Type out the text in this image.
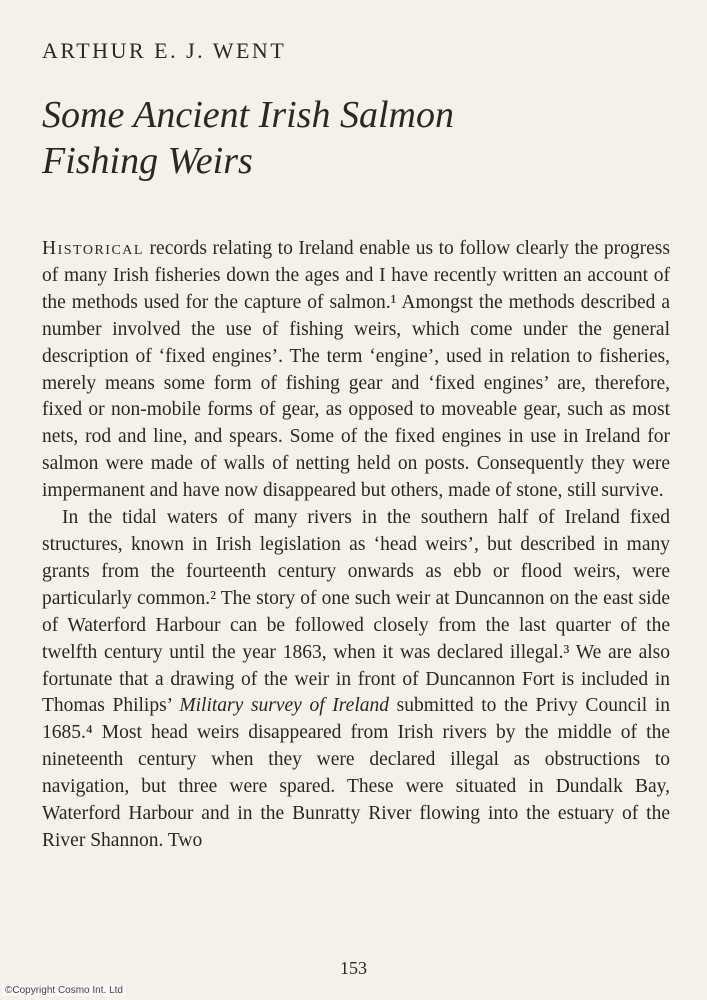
ARTHUR E. J. WENT
Some Ancient Irish Salmon
Fishing Weirs

Historical records relating to Ireland enable us to follow clearly the progress of many Irish fisheries down the ages and I have recently written an account of the methods used for the capture of salmon.¹ Amongst the methods described a number involved the use of fishing weirs, which come under the general description of ‘fixed engines’. The term ‘engine’, used in relation to fisheries, merely means some form of fishing gear and ‘fixed engines’ are, therefore, fixed or non-mobile forms of gear, as opposed to moveable gear, such as most nets, rod and line, and spears. Some of the fixed engines in use in Ireland for salmon were made of walls of netting held on posts. Consequently they were impermanent and have now disappeared but others, made of stone, still survive.

In the tidal waters of many rivers in the southern half of Ireland fixed structures, known in Irish legislation as ‘head weirs’, but described in many grants from the fourteenth century onwards as ebb or flood weirs, were particularly common.² The story of one such weir at Duncannon on the east side of Waterford Harbour can be followed closely from the last quarter of the twelfth century until the year 1863, when it was declared illegal.³ We are also fortunate that a drawing of the weir in front of Duncannon Fort is included in Thomas Philips’ Military survey of Ireland submitted to the Privy Council in 1685.⁴ Most head weirs disappeared from Irish rivers by the middle of the nineteenth century when they were declared illegal as obstructions to navigation, but three were spared. These were situated in Dundalk Bay, Waterford Harbour and in the Bunratty River flowing into the estuary of the River Shannon. Two

153
©Copyright Cosmo Int. Ltd
